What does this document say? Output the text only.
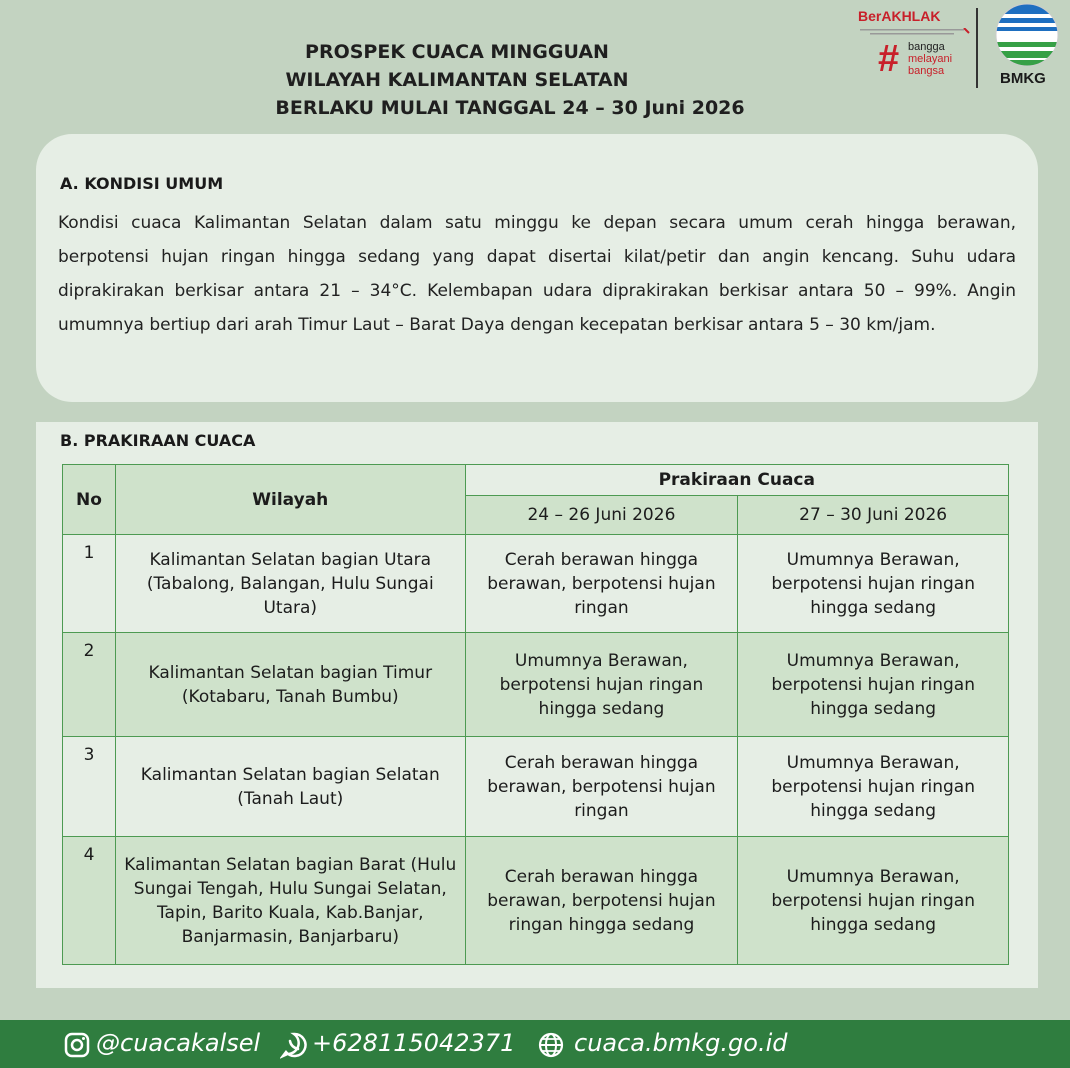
PROSPEK CUACA MINGGUAN
WILAYAH KALIMANTAN SELATAN
BERLAKU MULAI TANGGAL 24 – 30 Juni 2026
BerAKHLAK
# bangga
melayani
bangsa	BMKG
A. KONDISI UMUM
Kondisi cuaca Kalimantan Selatan dalam satu minggu ke depan secara umum cerah hingga berawan, berpotensi hujan ringan hingga sedang yang dapat disertai kilat/petir dan angin kencang. Suhu udara diprakirakan berkisar antara 21 – 34°C. Kelembapan udara diprakirakan berkisar antara 50 – 99%. Angin umumnya bertiup dari arah Timur Laut – Barat Daya dengan kecepatan berkisar antara 5 – 30 km/jam.
B. PRAKIRAAN CUACA
No	Wilayah	Prakiraan Cuaca	
		24 – 26 Juni 2026	27 – 30 Juni 2026
1	Kalimantan Selatan bagian Utara (Tabalong, Balangan, Hulu Sungai Utara)	Cerah berawan hingga berawan, berpotensi hujan ringan	Umumnya Berawan, berpotensi hujan ringan hingga sedang
2	Kalimantan Selatan bagian Timur (Kotabaru, Tanah Bumbu)	Umumnya Berawan, berpotensi hujan ringan hingga sedang	Umumnya Berawan, berpotensi hujan ringan hingga sedang
3	Kalimantan Selatan bagian Selatan (Tanah Laut)	Cerah berawan hingga berawan, berpotensi hujan ringan	Umumnya Berawan, berpotensi hujan ringan hingga sedang
4	Kalimantan Selatan bagian Barat (Hulu Sungai Tengah, Hulu Sungai Selatan, Tapin, Barito Kuala, Kab.Banjar, Banjarmasin, Banjarbaru)	Cerah berawan hingga berawan, berpotensi hujan ringan hingga sedang	Umumnya Berawan, berpotensi hujan ringan hingga sedang
@cuacakalsel +628115042371 cuaca.bmkg.go.id
